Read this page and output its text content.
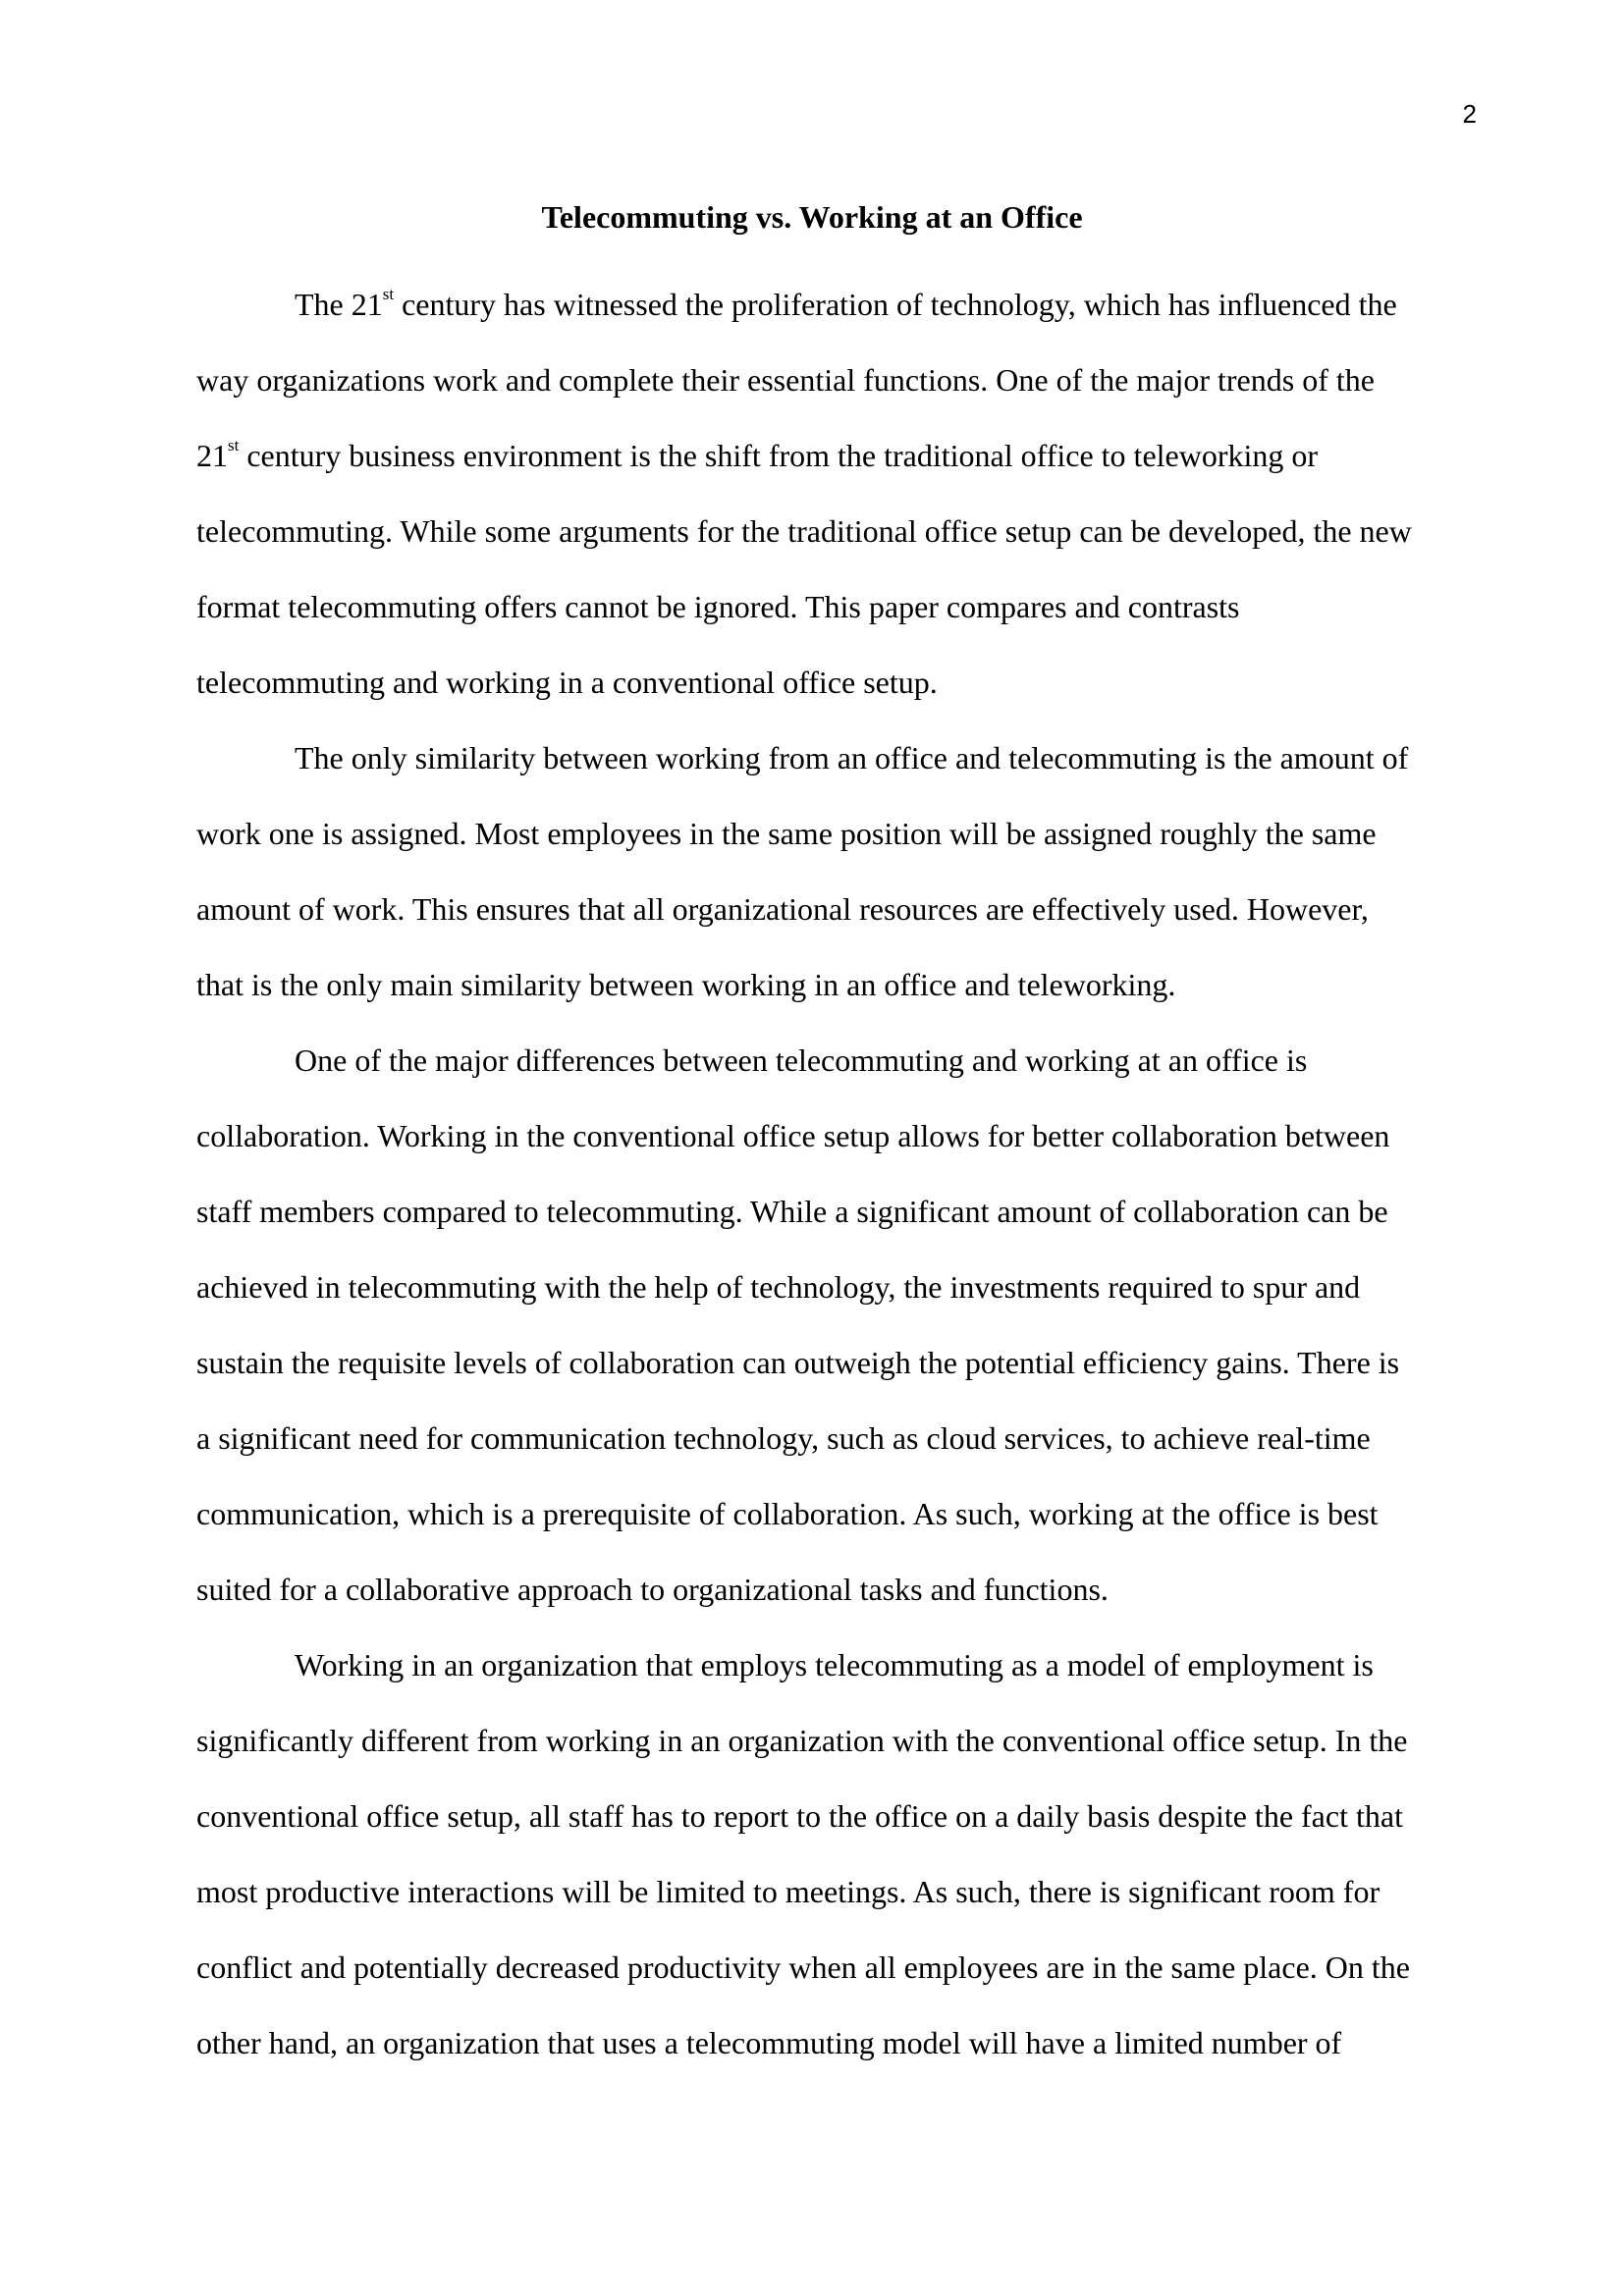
2
Telecommuting vs. Working at an Office
The 21st century has witnessed the proliferation of technology, which has influenced the
way organizations work and complete their essential functions. One of the major trends of the
21st century business environment is the shift from the traditional office to teleworking or
telecommuting. While some arguments for the traditional office setup can be developed, the new
format telecommuting offers cannot be ignored. This paper compares and contrasts
telecommuting and working in a conventional office setup.
The only similarity between working from an office and telecommuting is the amount of
work one is assigned. Most employees in the same position will be assigned roughly the same
amount of work. This ensures that all organizational resources are effectively used. However,
that is the only main similarity between working in an office and teleworking.
One of the major differences between telecommuting and working at an office is
collaboration. Working in the conventional office setup allows for better collaboration between
staff members compared to telecommuting. While a significant amount of collaboration can be
achieved in telecommuting with the help of technology, the investments required to spur and
sustain the requisite levels of collaboration can outweigh the potential efficiency gains. There is
a significant need for communication technology, such as cloud services, to achieve real-time
communication, which is a prerequisite of collaboration. As such, working at the office is best
suited for a collaborative approach to organizational tasks and functions.
Working in an organization that employs telecommuting as a model of employment is
significantly different from working in an organization with the conventional office setup. In the
conventional office setup, all staff has to report to the office on a daily basis despite the fact that
most productive interactions will be limited to meetings. As such, there is significant room for
conflict and potentially decreased productivity when all employees are in the same place. On the
other hand, an organization that uses a telecommuting model will have a limited number of
